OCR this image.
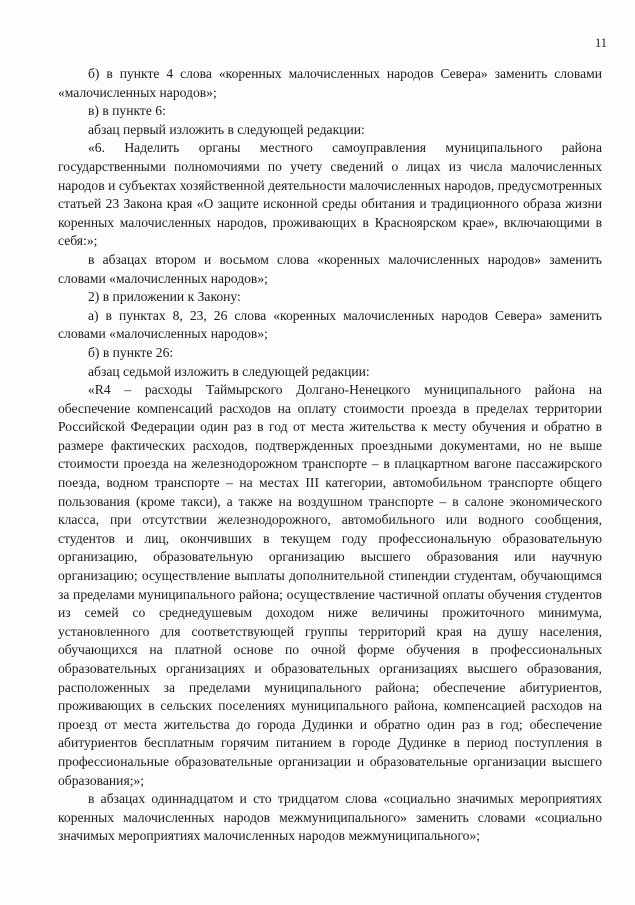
11

б) в пункте 4 слова «коренных малочисленных народов Севера» заменить словами «малочисленных народов»;

в) в пункте 6:

абзац первый изложить в следующей редакции:

«6. Наделить органы местного самоуправления муниципального района государственными полномочиями по учету сведений о лицах из числа малочисленных народов и субъектах хозяйственной деятельности малочисленных народов, предусмотренных статьей 23 Закона края «О защите исконной среды обитания и традиционного образа жизни коренных малочисленных народов, проживающих в Красноярском крае», включающими в себя:»;

в абзацах втором и восьмом слова «коренных малочисленных народов» заменить словами «малочисленных народов»;

2) в приложении к Закону:

а) в пунктах 8, 23, 26 слова «коренных малочисленных народов Севера» заменить словами «малочисленных народов»;

б) в пункте 26:

абзац седьмой изложить в следующей редакции:

«R4 – расходы Таймырского Долгано-Ненецкого муниципального района на обеспечение компенсаций расходов на оплату стоимости проезда в пределах территории Российской Федерации один раз в год от места жительства к месту обучения и обратно в размере фактических расходов, подтвержденных проездными документами, но не выше стоимости проезда на железнодорожном транспорте – в плацкартном вагоне пассажирского поезда, водном транспорте – на местах III категории, автомобильном транспорте общего пользования (кроме такси), а также на воздушном транспорте – в салоне экономического класса, при отсутствии железнодорожного, автомобильного или водного сообщения, студентов и лиц, окончивших в текущем году профессиональную образовательную организацию, образовательную организацию высшего образования или научную организацию; осуществление выплаты дополнительной стипендии студентам, обучающимся за пределами муниципального района; осуществление частичной оплаты обучения студентов из семей со среднедушевым доходом ниже величины прожиточного минимума, установленного для соответствующей группы территорий края на душу населения, обучающихся на платной основе по очной форме обучения в профессиональных образовательных организациях и образовательных организациях высшего образования, расположенных за пределами муниципального района; обеспечение абитуриентов, проживающих в сельских поселениях муниципального района, компенсацией расходов на проезд от места жительства до города Дудинки и обратно один раз в год; обеспечение абитуриентов бесплатным горячим питанием в городе Дудинке в период поступления в профессиональные образовательные организации и образовательные организации высшего образования;»;

в абзацах одиннадцатом и сто тридцатом слова «социально значимых мероприятиях коренных малочисленных народов межмуниципального» заменить словами «социально значимых мероприятиях малочисленных народов межмуниципального»;
